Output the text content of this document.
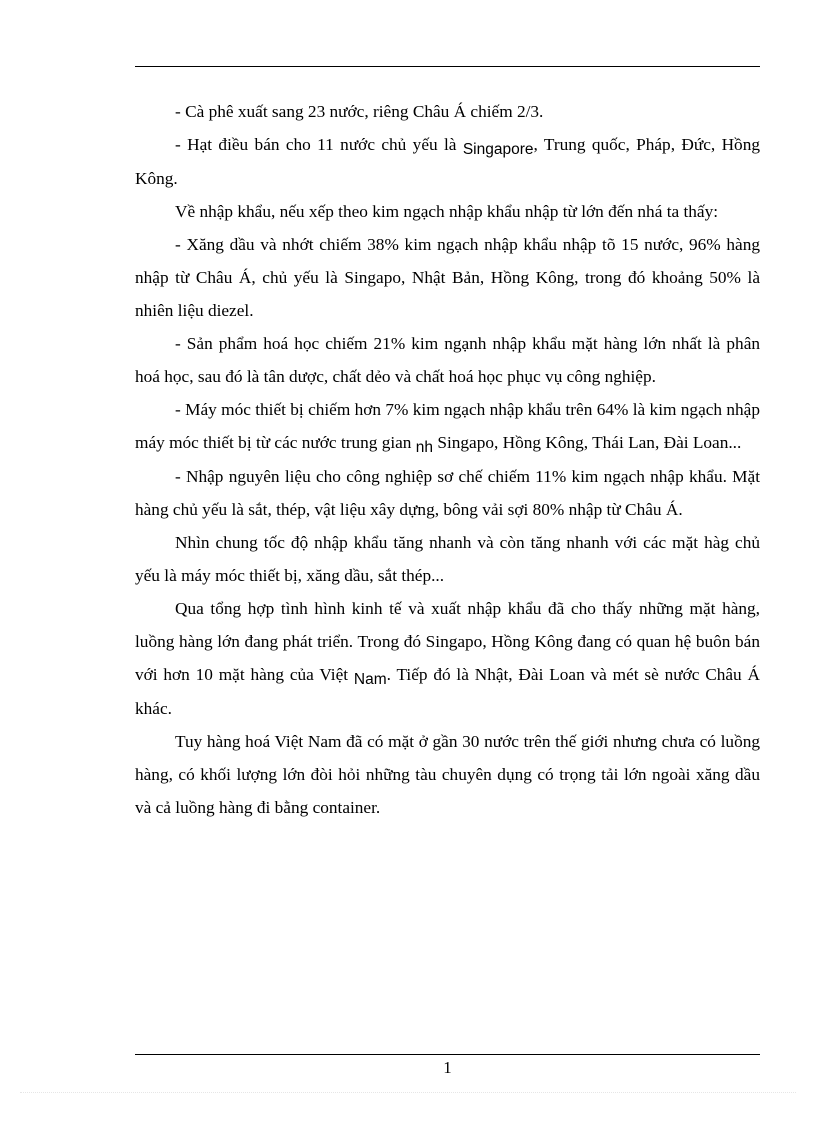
- Cà phê xuất sang 23 nước, riêng Châu Á chiếm 2/3.

- Hạt điều bán cho 11 nước chủ yếu là Singapore, Trung quốc, Pháp, Đức, Hồng Kông.

Về nhập khẩu, nếu xếp theo kim ngạch nhập khẩu nhập từ lớn đến nhá ta thấy:

- Xăng dầu và nhớt chiếm 38% kim ngạch nhập khẩu nhập tõ 15 nước, 96% hàng nhập từ Châu Á, chủ yếu là Singapo, Nhật Bản, Hồng Kông, trong đó khoảng 50% là nhiên liệu diezel.

- Sản phẩm hoá học chiếm 21% kim ngạnh nhập khẩu mặt hàng lớn nhất là phân hoá học, sau đó là tân dược, chất dẻo và chất hoá học phục vụ công nghiệp.

- Máy móc thiết bị chiếm hơn 7% kim ngạch nhập khẩu trên 64% là kim ngạch nhập máy móc thiết bị từ các nước trung gian nh Singapo, Hồng Kông, Thái Lan, Đài Loan...

- Nhập nguyên liệu cho công nghiệp sơ chế chiếm 11% kim ngạch nhập khẩu. Mặt hàng chủ yếu là sắt, thép, vật liệu xây dựng, bông vải sợi 80% nhập từ Châu Á.

Nhìn chung tốc độ nhập khẩu tăng nhanh và còn tăng nhanh với các mặt hàg chủ yếu là máy móc thiết bị, xăng dầu, sắt thép...

Qua tổng hợp tình hình kinh tế và xuất nhập khẩu đã cho thấy những mặt hàng, luồng hàng lớn đang phát triển. Trong đó Singapo, Hồng Kông đang có quan hệ buôn bán với hơn 10 mặt hàng của Việt Nam. Tiếp đó là Nhật, Đài Loan và mét sè nước Châu Á khác.

Tuy hàng hoá Việt Nam đã có mặt ở gần 30 nước trên thế giới nhưng chưa có luồng hàng, có khối lượng lớn đòi hỏi những tàu chuyên dụng có trọng tải lớn ngoài xăng dầu và cả luồng hàng đi bằng container.

1
